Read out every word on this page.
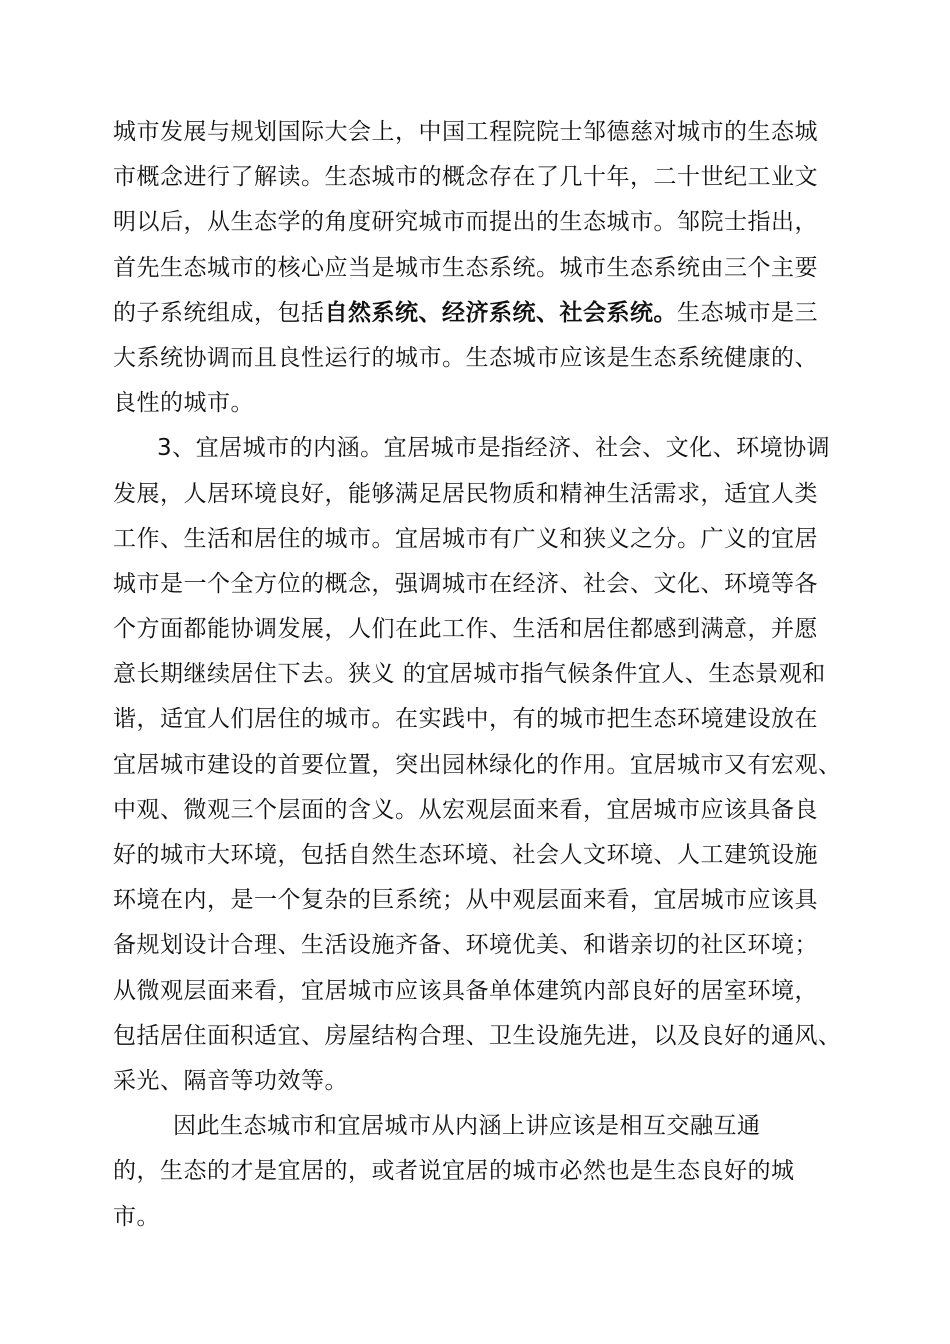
城市发展与规划国际大会上，中国工程院院士邹德慈对城市的生态城
市概念进行了解读。生态城市的概念存在了几十年，二十世纪工业文
明以后，从生态学的角度研究城市而提出的生态城市。邹院士指出，
首先生态城市的核心应当是城市生态系统。城市生态系统由三个主要
的子系统组成，包括自然系统、经济系统、社会系统。生态城市是三
大系统协调而且良性运行的城市。生态城市应该是生态系统健康的、
良性的城市。
3、宜居城市的内涵。宜居城市是指经济、社会、文化、环境协调
发展，人居环境良好，能够满足居民物质和精神生活需求，适宜人类
工作、生活和居住的城市。宜居城市有广义和狭义之分。广义的宜居
城市是一个全方位的概念，强调城市在经济、社会、文化、环境等各
个方面都能协调发展，人们在此工作、生活和居住都感到满意，并愿
意长期继续居住下去。狭义 的宜居城市指气候条件宜人、生态景观和
谐，适宜人们居住的城市。在实践中，有的城市把生态环境建设放在
宜居城市建设的首要位置，突出园林绿化的作用。宜居城市又有宏观、
中观、微观三个层面的含义。从宏观层面来看，宜居城市应该具备良
好的城市大环境，包括自然生态环境、社会人文环境、人工建筑设施
环境在内，是一个复杂的巨系统；从中观层面来看，宜居城市应该具
备规划设计合理、生活设施齐备、环境优美、和谐亲切的社区环境；
从微观层面来看，宜居城市应该具备单体建筑内部良好的居室环境，
包括居住面积适宜、房屋结构合理、卫生设施先进，以及良好的通风、
采光、隔音等功效等。
因此生态城市和宜居城市从内涵上讲应该是相互交融互通
的，生态的才是宜居的，或者说宜居的城市必然也是生态良好的城
市。
